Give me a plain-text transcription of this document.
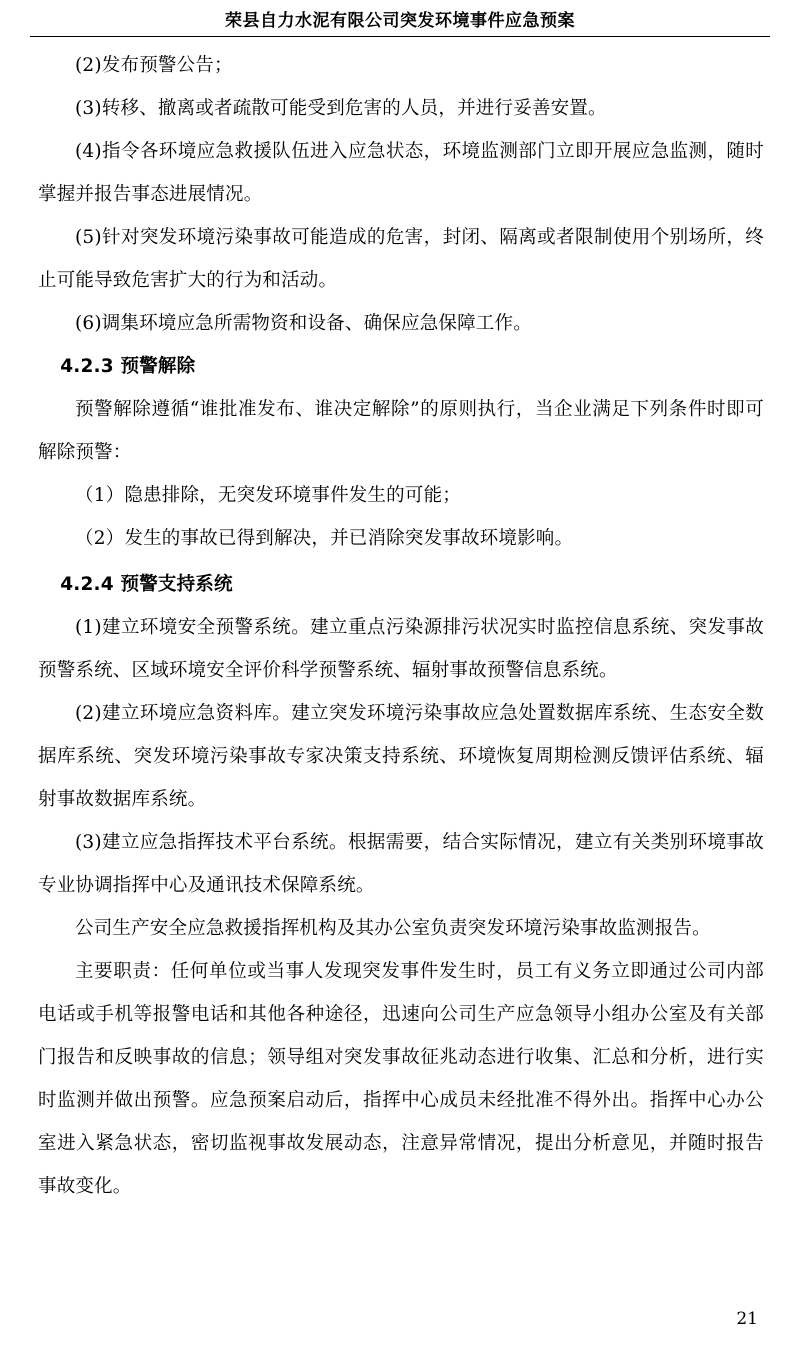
荣县自力水泥有限公司突发环境事件应急预案

(2)发布预警公告；

(3)转移、撤离或者疏散可能受到危害的人员，并进行妥善安置。

(4)指令各环境应急救援队伍进入应急状态，环境监测部门立即开展应急监测，随时掌握并报告事态进展情况。

(5)针对突发环境污染事故可能造成的危害，封闭、隔离或者限制使用个别场所，终止可能导致危害扩大的行为和活动。

(6)调集环境应急所需物资和设备、确保应急保障工作。

4.2.3 预警解除

预警解除遵循“谁批准发布、谁决定解除”的原则执行，当企业满足下列条件时即可解除预警：

（1）隐患排除，无突发环境事件发生的可能；

（2）发生的事故已得到解决，并已消除突发事故环境影响。

4.2.4 预警支持系统

(1)建立环境安全预警系统。建立重点污染源排污状况实时监控信息系统、突发事故预警系统、区域环境安全评价科学预警系统、辐射事故预警信息系统。

(2)建立环境应急资料库。建立突发环境污染事故应急处置数据库系统、生态安全数据库系统、突发环境污染事故专家决策支持系统、环境恢复周期检测反馈评估系统、辐射事故数据库系统。

(3)建立应急指挥技术平台系统。根据需要，结合实际情况，建立有关类别环境事故专业协调指挥中心及通讯技术保障系统。

公司生产安全应急救援指挥机构及其办公室负责突发环境污染事故监测报告。

主要职责：任何单位或当事人发现突发事件发生时，员工有义务立即通过公司内部电话或手机等报警电话和其他各种途径，迅速向公司生产应急领导小组办公室及有关部门报告和反映事故的信息；领导组对突发事故征兆动态进行收集、汇总和分析，进行实时监测并做出预警。应急预案启动后，指挥中心成员未经批准不得外出。指挥中心办公室进入紧急状态，密切监视事故发展动态，注意异常情况，提出分析意见，并随时报告事故变化。

21
